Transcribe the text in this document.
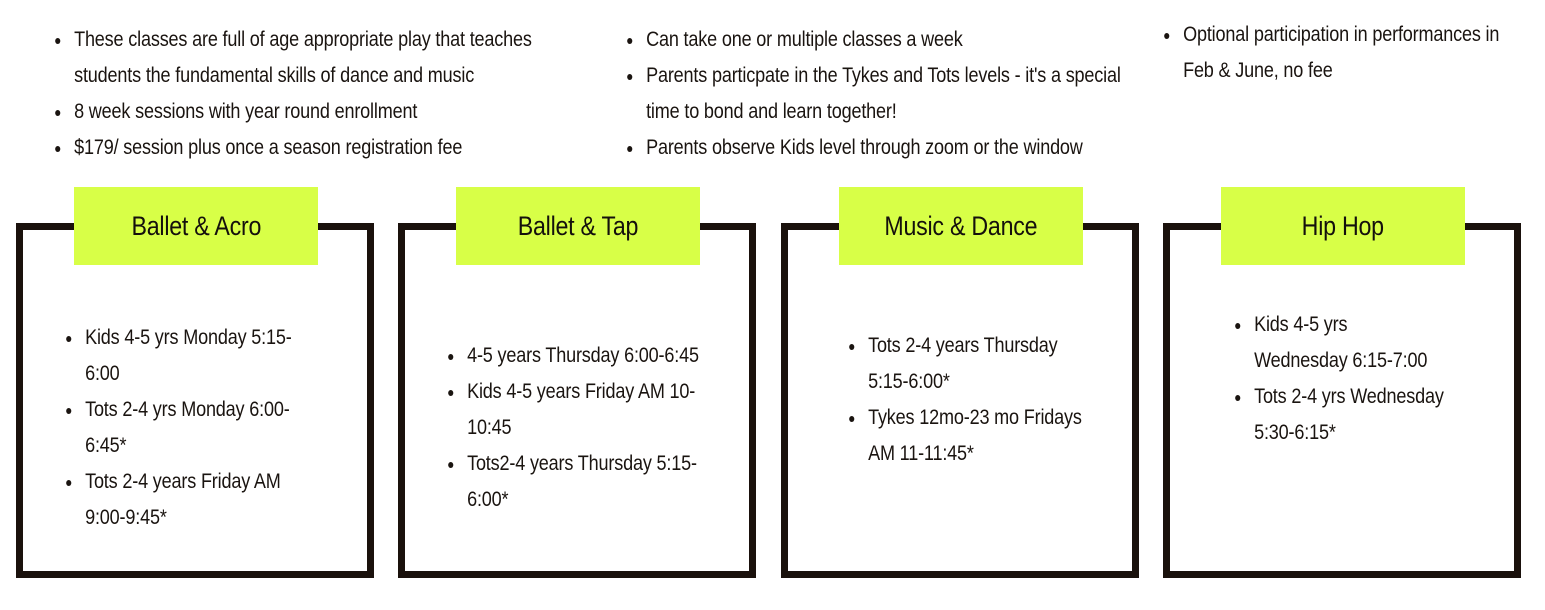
These classes are full of age appropriate play that teaches students the fundamental skills of dance and music
8 week sessions with year round enrollment
$179/ session plus once a season registration fee
Can take one or multiple classes a week
Parents particpate in the Tykes and Tots levels - it's a special time to bond and learn together!
Parents observe Kids level through zoom or the window
Optional participation in performances in Feb & June, no fee
Kids 4-5 yrs Monday 5:15-6:00
Tots 2-4 yrs Monday 6:00-6:45*
Tots 2-4 years Friday AM 9:00-9:45*
Ballet & Acro
4-5 years Thursday 6:00-6:45
Kids 4-5 years Friday AM 10-10:45
Tots2-4 years Thursday 5:15-6:00*
Ballet & Tap
Tots 2-4 years Thursday 5:15-6:00*
Tykes 12mo-23 mo Fridays AM 11-11:45*
Music & Dance
Kids 4-5 yrs Wednesday 6:15-7:00
Tots 2-4 yrs Wednesday 5:30-6:15*
Hip Hop
